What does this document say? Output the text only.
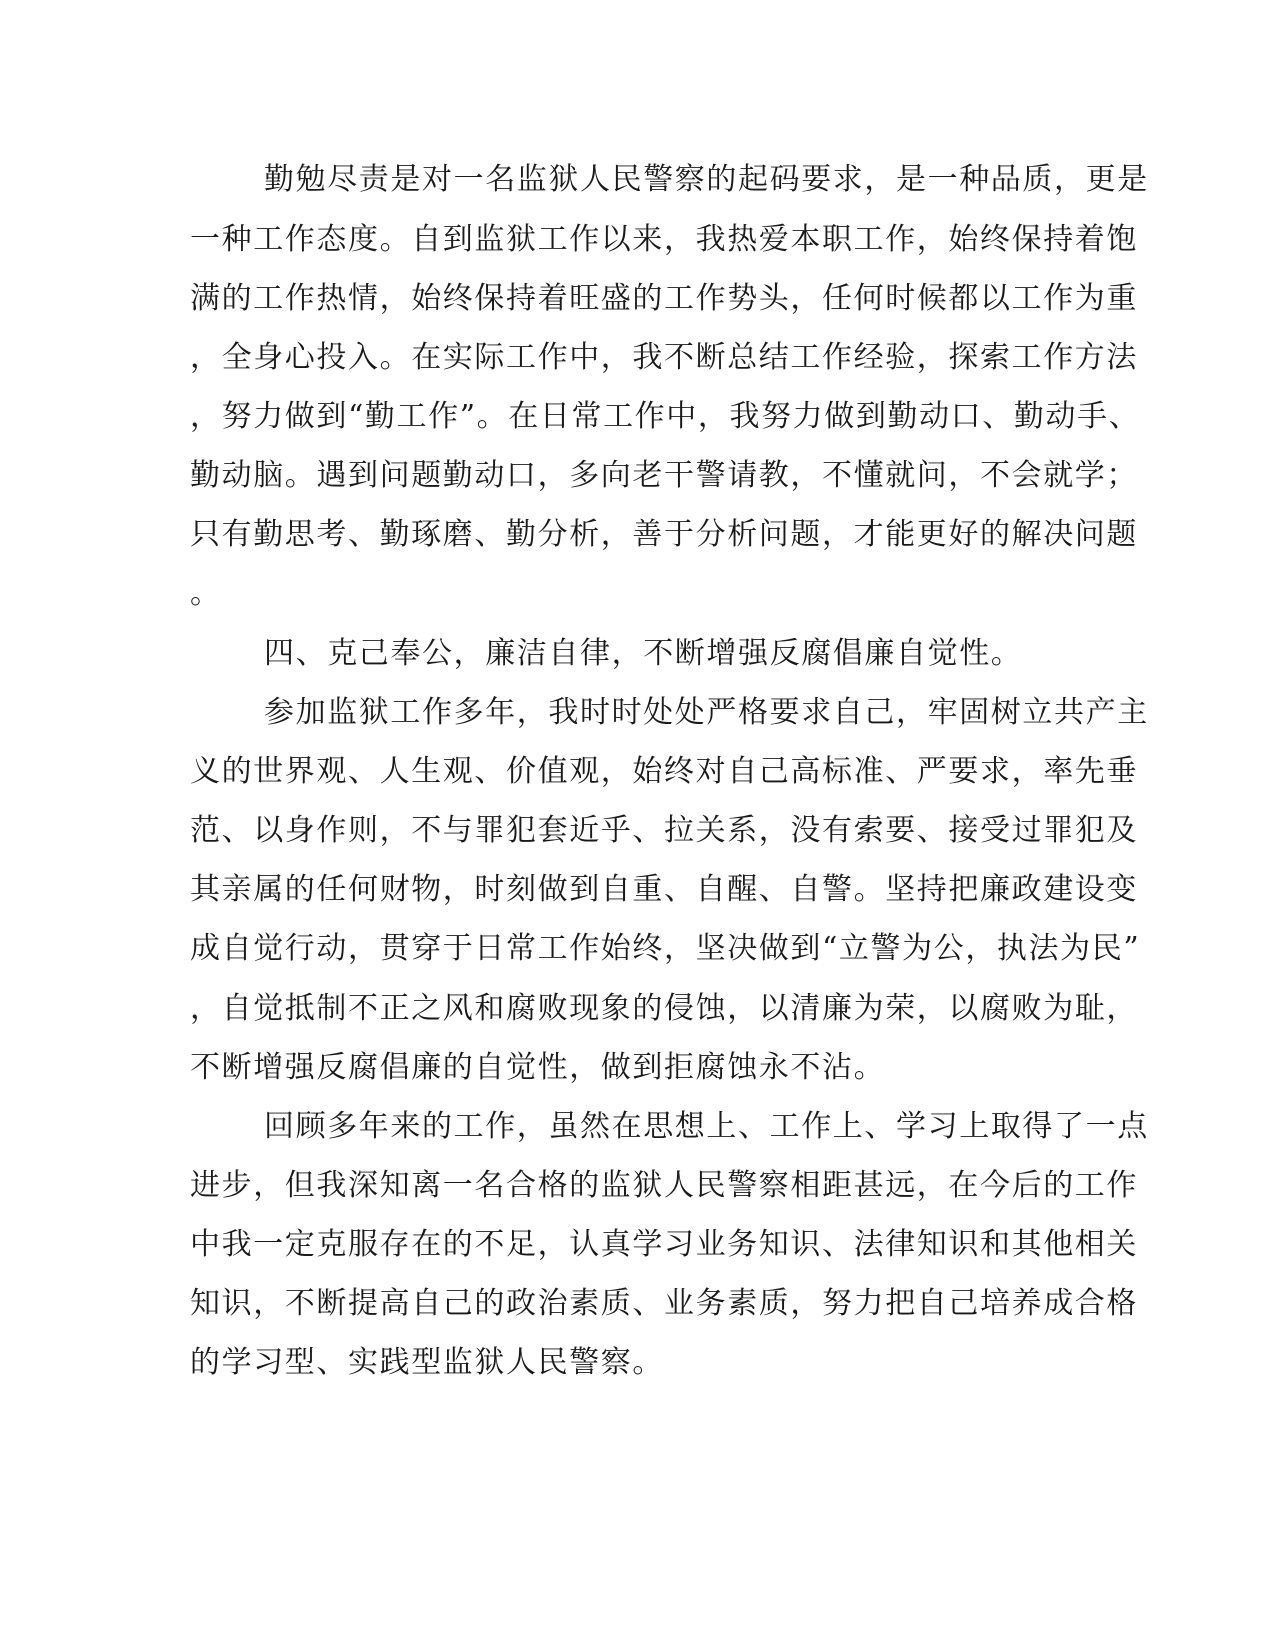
勤勉尽责是对一名监狱人民警察的起码要求，是一种品质，更是
一种工作态度。自到监狱工作以来，我热爱本职工作，始终保持着饱
满的工作热情，始终保持着旺盛的工作势头，任何时候都以工作为重
，全身心投入。在实际工作中，我不断总结工作经验，探索工作方法
，努力做到“勤工作”。在日常工作中，我努力做到勤动口、勤动手、
勤动脑。遇到问题勤动口，多向老干警请教，不懂就问，不会就学；
只有勤思考、勤琢磨、勤分析，善于分析问题，才能更好的解决问题
。
四、克己奉公，廉洁自律，不断增强反腐倡廉自觉性。
参加监狱工作多年，我时时处处严格要求自己，牢固树立共产主
义的世界观、人生观、价值观，始终对自己高标准、严要求，率先垂
范、以身作则，不与罪犯套近乎、拉关系，没有索要、接受过罪犯及
其亲属的任何财物，时刻做到自重、自醒、自警。坚持把廉政建设变
成自觉行动，贯穿于日常工作始终，坚决做到“立警为公，执法为民”
，自觉抵制不正之风和腐败现象的侵蚀，以清廉为荣，以腐败为耻，
不断增强反腐倡廉的自觉性，做到拒腐蚀永不沾。
回顾多年来的工作，虽然在思想上、工作上、学习上取得了一点
进步，但我深知离一名合格的监狱人民警察相距甚远，在今后的工作
中我一定克服存在的不足，认真学习业务知识、法律知识和其他相关
知识，不断提高自己的政治素质、业务素质，努力把自己培养成合格
的学习型、实践型监狱人民警察。
